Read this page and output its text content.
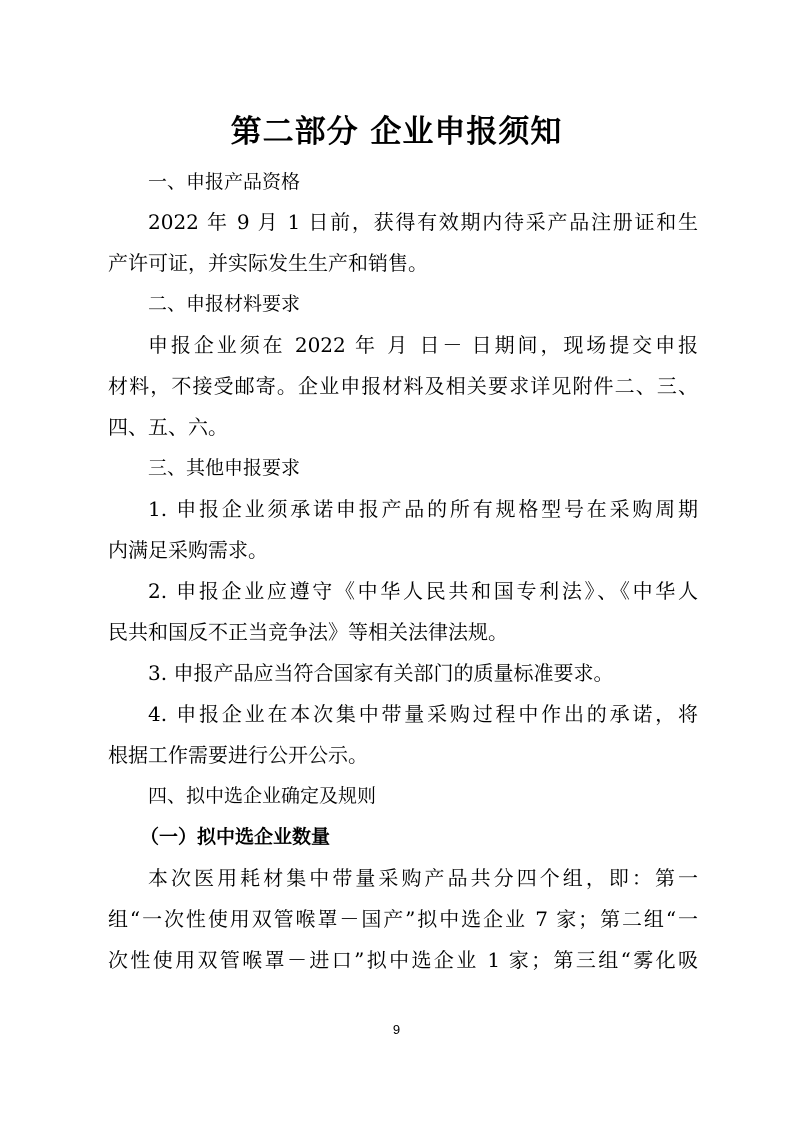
第二部分 企业申报须知
一、申报产品资格
2022 年 9 月 1 日前，获得有效期内待采产品注册证和生
产许可证，并实际发生生产和销售。
二、申报材料要求
申报企业须在 2022 年 月 日－ 日期间，现场提交申报
材料，不接受邮寄。企业申报材料及相关要求详见附件二、三、
四、五、六。
三、其他申报要求
1. 申报企业须承诺申报产品的所有规格型号在采购周期
内满足采购需求。
2. 申报企业应遵守《中华人民共和国专利法》、《中华人
民共和国反不正当竞争法》等相关法律法规。
3. 申报产品应当符合国家有关部门的质量标准要求。
4. 申报企业在本次集中带量采购过程中作出的承诺，将
根据工作需要进行公开公示。
四、拟中选企业确定及规则
（一）拟中选企业数量
本次医用耗材集中带量采购产品共分四个组，即：第一
组“一次性使用双管喉罩－国产”拟中选企业 7 家；第二组“一
次性使用双管喉罩－进口”拟中选企业 1 家；第三组“雾化吸
9
